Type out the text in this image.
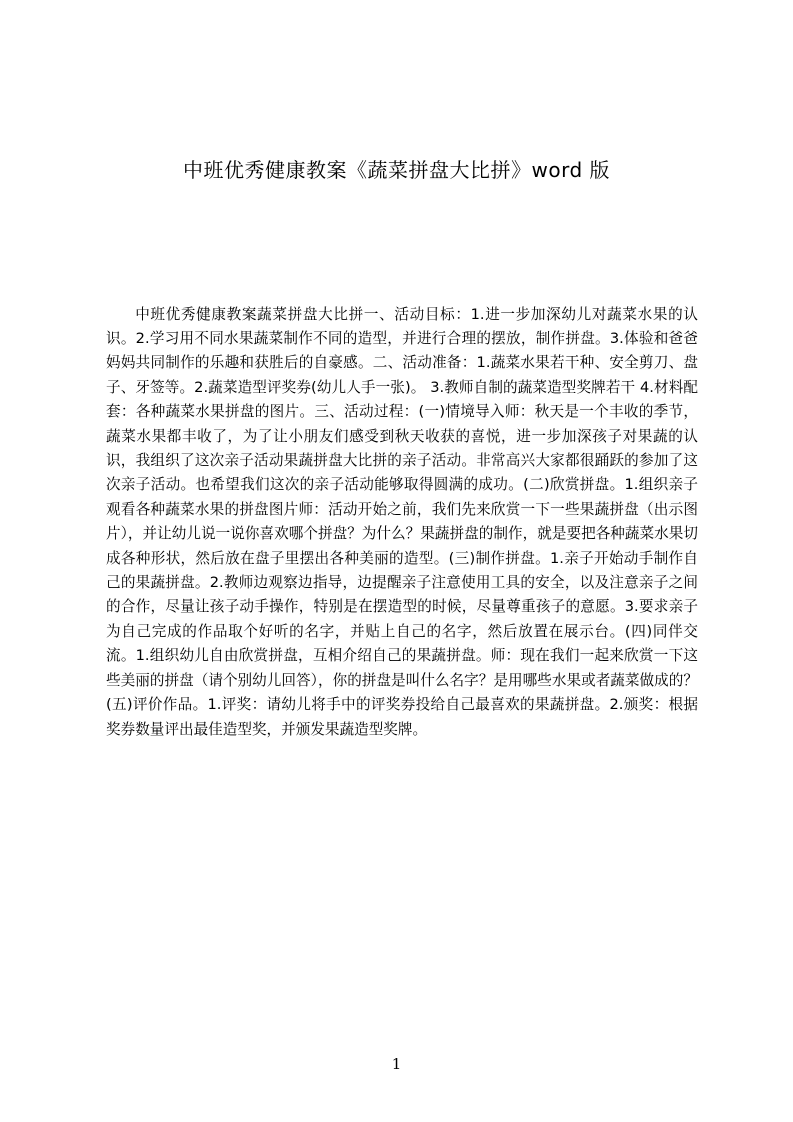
中班优秀健康教案《蔬菜拼盘大比拼》word 版

中班优秀健康教案蔬菜拼盘大比拼一、活动目标：1.进一步加深幼儿对蔬菜水果的认识。2.学习用不同水果蔬菜制作不同的造型，并进行合理的摆放，制作拼盘。3.体验和爸爸妈妈共同制作的乐趣和获胜后的自豪感。二、活动准备：1.蔬菜水果若干种、安全剪刀、盘子、牙签等。2.蔬菜造型评奖券(幼儿人手一张)。 3.教师自制的蔬菜造型奖牌若干 4.材料配套：各种蔬菜水果拼盘的图片。三、活动过程：(一)情境导入师：秋天是一个丰收的季节，蔬菜水果都丰收了，为了让小朋友们感受到秋天收获的喜悦，进一步加深孩子对果蔬的认识，我组织了这次亲子活动果蔬拼盘大比拼的亲子活动。非常高兴大家都很踊跃的参加了这次亲子活动。也希望我们这次的亲子活动能够取得圆满的成功。(二)欣赏拼盘。1.组织亲子观看各种蔬菜水果的拼盘图片师：活动开始之前，我们先来欣赏一下一些果蔬拼盘（出示图片），并让幼儿说一说你喜欢哪个拼盘？为什么？果蔬拼盘的制作，就是要把各种蔬菜水果切成各种形状，然后放在盘子里摆出各种美丽的造型。(三)制作拼盘。1.亲子开始动手制作自己的果蔬拼盘。2.教师边观察边指导，边提醒亲子注意使用工具的安全，以及注意亲子之间的合作，尽量让孩子动手操作，特别是在摆造型的时候，尽量尊重孩子的意愿。3.要求亲子为自己完成的作品取个好听的名字，并贴上自己的名字，然后放置在展示台。(四)同伴交流。1.组织幼儿自由欣赏拼盘，互相介绍自己的果蔬拼盘。师：现在我们一起来欣赏一下这些美丽的拼盘（请个别幼儿回答），你的拼盘是叫什么名字？是用哪些水果或者蔬菜做成的？(五)评价作品。1.评奖：请幼儿将手中的评奖券投给自己最喜欢的果蔬拼盘。2.颁奖：根据奖券数量评出最佳造型奖，并颁发果蔬造型奖牌。

1
